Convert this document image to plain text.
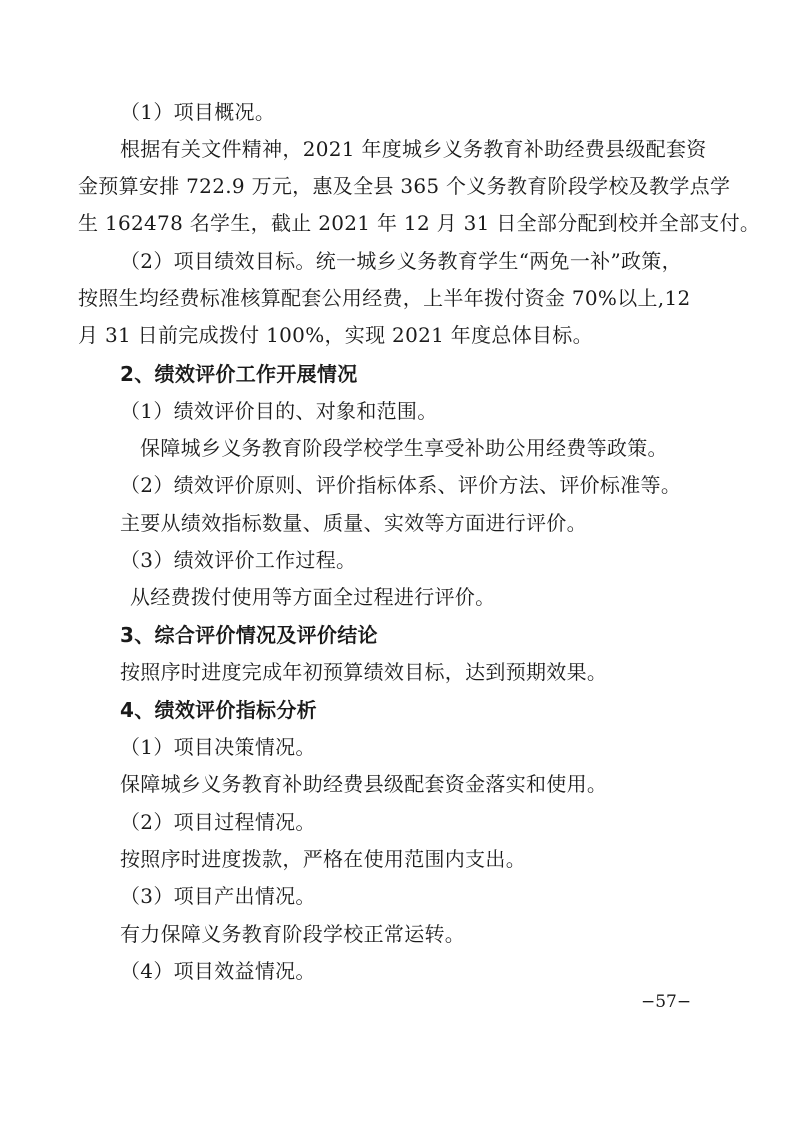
（1）项目概况。
根据有关文件精神，2021 年度城乡义务教育补助经费县级配套资
金预算安排 722.9 万元，惠及全县 365 个义务教育阶段学校及教学点学
生 162478 名学生，截止 2021 年 12 月 31 日全部分配到校并全部支付。
（2）项目绩效目标。统一城乡义务教育学生“两免一补”政策，
按照生均经费标准核算配套公用经费，上半年拨付资金 70%以上,12
月 31 日前完成拨付 100%，实现 2021 年度总体目标。
2、绩效评价工作开展情况
（1）绩效评价目的、对象和范围。
保障城乡义务教育阶段学校学生享受补助公用经费等政策。
（2）绩效评价原则、评价指标体系、评价方法、评价标准等。
主要从绩效指标数量、质量、实效等方面进行评价。
（3）绩效评价工作过程。
从经费拨付使用等方面全过程进行评价。
3、综合评价情况及评价结论
按照序时进度完成年初预算绩效目标，达到预期效果。
4、绩效评价指标分析
（1）项目决策情况。
保障城乡义务教育补助经费县级配套资金落实和使用。
（2）项目过程情况。
按照序时进度拨款，严格在使用范围内支出。
（3）项目产出情况。
有力保障义务教育阶段学校正常运转。
（4）项目效益情况。
−57−
